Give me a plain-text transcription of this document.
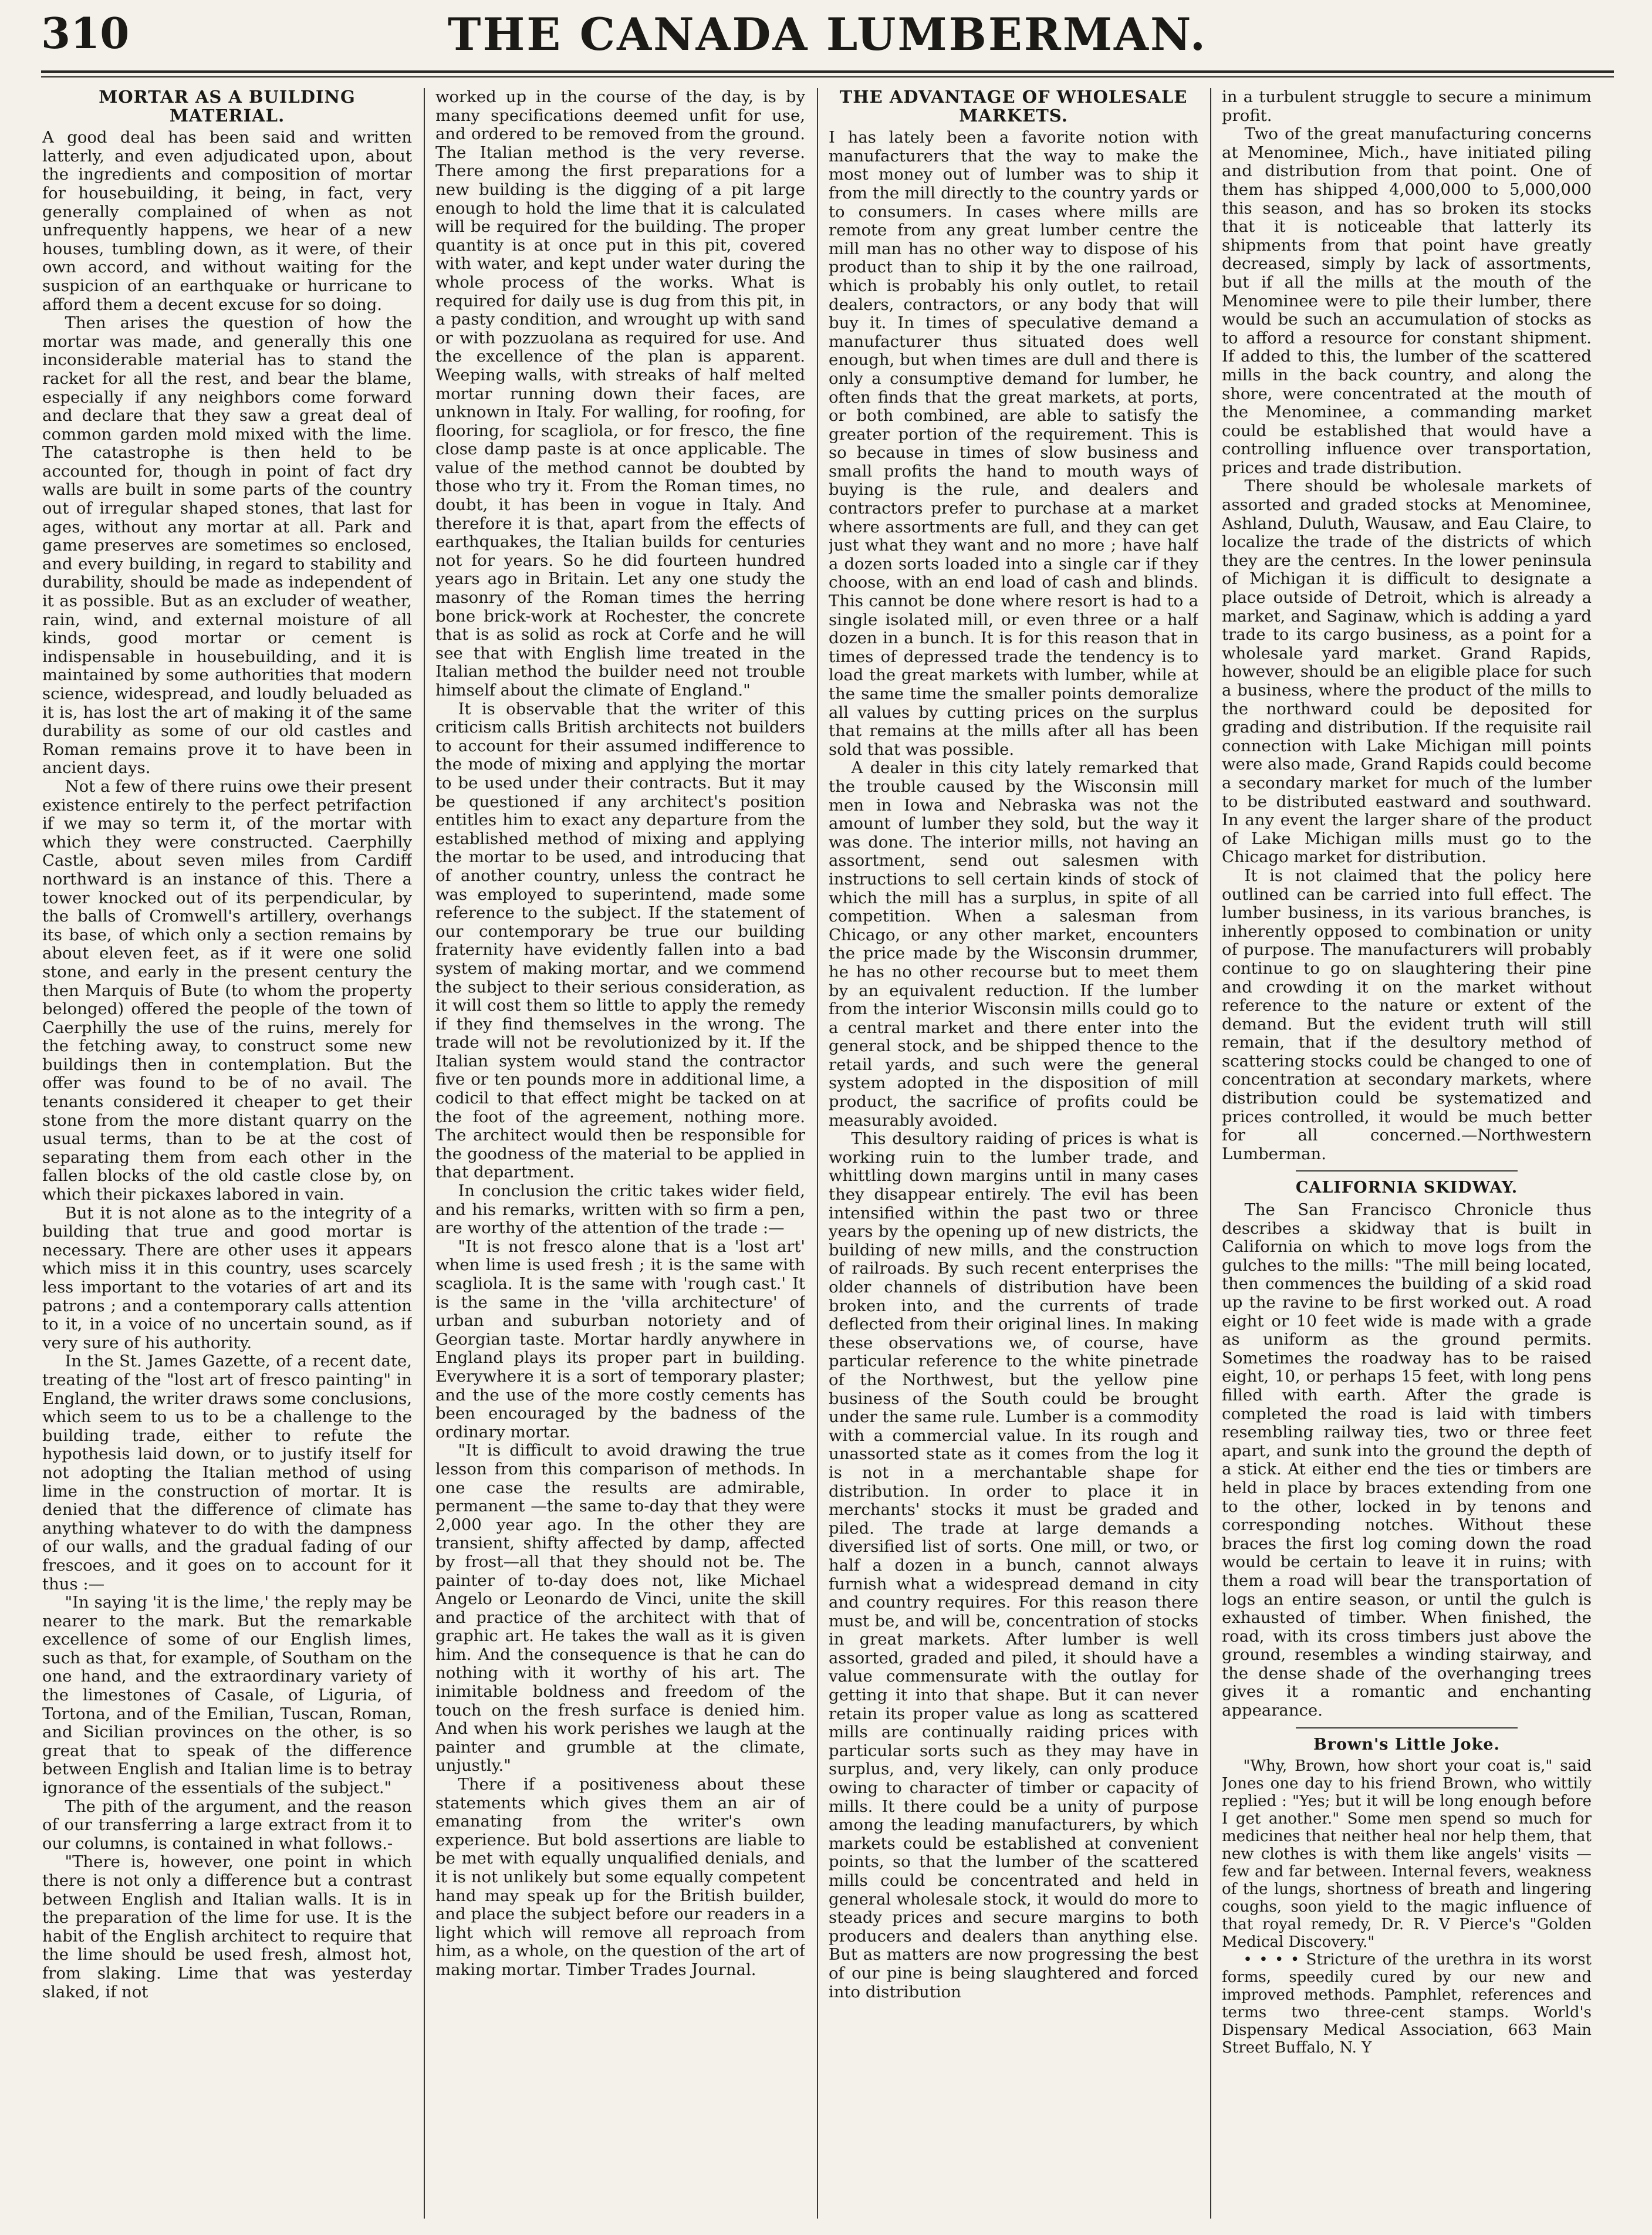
310	THE CANADA LUMBERMAN.
MORTAR AS A BUILDING MATERIAL.

A good deal has been said and written latterly, and even adjudicated upon, about the ingredients and composition of mortar for housebuilding, it being, in fact, very generally complained of when as not unfrequently happens, we hear of a new houses, tumbling down, as it were, of their own accord, and without waiting for the suspicion of an earthquake or hurricane to afford them a decent excuse for so doing.

Then arises the question of how the mortar was made, and generally this one inconsiderable material has to stand the racket for all the rest, and bear the blame, especially if any neighbors come forward and declare that they saw a great deal of common garden mold mixed with the lime. The catastrophe is then held to be accounted for, though in point of fact dry walls are built in some parts of the country out of irregular shaped stones, that last for ages, without any mortar at all. Park and game preserves are sometimes so enclosed, and every building, in regard to stability and durability, should be made as independent of it as possible. But as an excluder of weather, rain, wind, and external moisture of all kinds, good mortar or cement is indispensable in housebuilding, and it is maintained by some authorities that modern science, widespread, and loudly beluaded as it is, has lost the art of making it of the same durability as some of our old castles and Roman remains prove it to have been in ancient days.

Not a few of there ruins owe their present existence entirely to the perfect petrifaction if we may so term it, of the mortar with which they were constructed. Caerphilly Castle, about seven miles from Cardiff northward is an instance of this. There a tower knocked out of its perpendicular, by the balls of Cromwell's artillery, overhangs its base, of which only a section remains by about eleven feet, as if it were one solid stone, and early in the present century the then Marquis of Bute (to whom the property belonged) offered the people of the town of Caerphilly the use of the ruins, merely for the fetching away, to construct some new buildings then in contemplation. But the offer was found to be of no avail. The tenants considered it cheaper to get their stone from the more distant quarry on the usual terms, than to be at the cost of separating them from each other in the fallen blocks of the old castle close by, on which their pickaxes labored in vain.

But it is not alone as to the integrity of a building that true and good mortar is necessary. There are other uses it appears which miss it in this country, uses scarcely less important to the votaries of art and its patrons ; and a contemporary calls attention to it, in a voice of no uncertain sound, as if very sure of his authority.

In the St. James Gazette, of a recent date, treating of the "lost art of fresco painting" in England, the writer draws some conclusions, which seem to us to be a challenge to the building trade, either to refute the hypothesis laid down, or to justify itself for not adopting the Italian method of using lime in the construction of mortar. It is denied that the difference of climate has anything whatever to do with the dampness of our walls, and the gradual fading of our frescoes, and it goes on to account for it thus :—

"In saying 'it is the lime,' the reply may be nearer to the mark. But the remarkable excellence of some of our English limes, such as that, for example, of Southam on the one hand, and the extraordinary variety of the limestones of Casale, of Liguria, of Tortona, and of the Emilian, Tuscan, Roman, and Sicilian provinces on the other, is so great that to speak of the difference between English and Italian lime is to betray ignorance of the essentials of the subject."

The pith of the argument, and the reason of our transferring a large extract from it to our columns, is contained in what follows.-

"There is, however, one point in which there is not only a difference but a contrast between English and Italian walls. It is in the preparation of the lime for use. It is the habit of the English architect to require that the lime should be used fresh, almost hot, from slaking. Lime that was yesterday slaked, if not

worked up in the course of the day, is by many specifications deemed unfit for use, and ordered to be removed from the ground. The Italian method is the very reverse. There among the first preparations for a new building is the digging of a pit large enough to hold the lime that it is calculated will be required for the building. The proper quantity is at once put in this pit, covered with water, and kept under water during the whole process of the works. What is required for daily use is dug from this pit, in a pasty condition, and wrought up with sand or with pozzuolana as required for use. And the excellence of the plan is apparent. Weeping walls, with streaks of half melted mortar running down their faces, are unknown in Italy. For walling, for roofing, for flooring, for scagliola, or for fresco, the fine close damp paste is at once applicable. The value of the method cannot be doubted by those who try it. From the Roman times, no doubt, it has been in vogue in Italy. And therefore it is that, apart from the effects of earthquakes, the Italian builds for centuries not for years. So he did fourteen hundred years ago in Britain. Let any one study the masonry of the Roman times the herring bone brick-work at Rochester, the concrete that is as solid as rock at Corfe and he will see that with English lime treated in the Italian method the builder need not trouble himself about the climate of England."

It is observable that the writer of this criticism calls British architects not builders to account for their assumed indifference to the mode of mixing and applying the mortar to be used under their contracts. But it may be questioned if any architect's position entitles him to exact any departure from the established method of mixing and applying the mortar to be used, and introducing that of another country, unless the contract he was employed to superintend, made some reference to the subject. If the statement of our contemporary be true our building fraternity have evidently fallen into a bad system of making mortar, and we commend the subject to their serious consideration, as it will cost them so little to apply the remedy if they find themselves in the wrong. The trade will not be revolutionized by it. If the Italian system would stand the contractor five or ten pounds more in additional lime, a codicil to that effect might be tacked on at the foot of the agreement, nothing more. The architect would then be responsible for the goodness of the material to be applied in that department.

In conclusion the critic takes wider field, and his remarks, written with so firm a pen, are worthy of the attention of the trade :—

"It is not fresco alone that is a 'lost art' when lime is used fresh ; it is the same with scagliola. It is the same with 'rough cast.' It is the same in the 'villa architecture' of urban and suburban notoriety and of Georgian taste. Mortar hardly anywhere in England plays its proper part in building. Everywhere it is a sort of temporary plaster; and the use of the more costly cements has been encouraged by the badness of the ordinary mortar.

"It is difficult to avoid drawing the true lesson from this comparison of methods. In one case the results are admirable, permanent —the same to-day that they were 2,000 year ago. In the other they are transient, shifty affected by damp, affected by frost—all that they should not be. The painter of to-day does not, like Michael Angelo or Leonardo de Vinci, unite the skill and practice of the architect with that of graphic art. He takes the wall as it is given him. And the consequence is that he can do nothing with it worthy of his art. The inimitable boldness and freedom of the touch on the fresh surface is denied him. And when his work perishes we laugh at the painter and grumble at the climate, unjustly."

There if a positiveness about these statements which gives them an air of emanating from the writer's own experience. But bold assertions are liable to be met with equally unqualified denials, and it is not unlikely but some equally competent hand may speak up for the British builder, and place the subject before our readers in a light which will remove all reproach from him, as a whole, on the question of the art of making mortar. Timber Trades Journal.

THE ADVANTAGE OF WHOLESALE MARKETS.

I has lately been a favorite notion with manufacturers that the way to make the most money out of lumber was to ship it from the mill directly to the country yards or to consumers. In cases where mills are remote from any great lumber centre the mill man has no other way to dispose of his product than to ship it by the one railroad, which is probably his only outlet, to retail dealers, contractors, or any body that will buy it. In times of speculative demand a manufacturer thus situated does well enough, but when times are dull and there is only a consumptive demand for lumber, he often finds that the great markets, at ports, or both combined, are able to satisfy the greater portion of the requirement. This is so because in times of slow business and small profits the hand to mouth ways of buying is the rule, and dealers and contractors prefer to purchase at a market where assortments are full, and they can get just what they want and no more ; have half a dozen sorts loaded into a single car if they choose, with an end load of cash and blinds. This cannot be done where resort is had to a single isolated mill, or even three or a half dozen in a bunch. It is for this reason that in times of depressed trade the tendency is to load the great markets with lumber, while at the same time the smaller points demoralize all values by cutting prices on the surplus that remains at the mills after all has been sold that was possible.

A dealer in this city lately remarked that the trouble caused by the Wisconsin mill men in Iowa and Nebraska was not the amount of lumber they sold, but the way it was done. The interior mills, not having an assortment, send out salesmen with instructions to sell certain kinds of stock of which the mill has a surplus, in spite of all competition. When a salesman from Chicago, or any other market, encounters the price made by the Wisconsin drummer, he has no other recourse but to meet them by an equivalent reduction. If the lumber from the interior Wisconsin mills could go to a central market and there enter into the general stock, and be shipped thence to the retail yards, and such were the general system adopted in the disposition of mill product, the sacrifice of profits could be measurably avoided.

This desultory raiding of prices is what is working ruin to the lumber trade, and whittling down margins until in many cases they disappear entirely. The evil has been intensified within the past two or three years by the opening up of new districts, the building of new mills, and the construction of railroads. By such recent enterprises the older channels of distribution have been broken into, and the currents of trade deflected from their original lines. In making these observations we, of course, have particular reference to the white pinetrade of the Northwest, but the yellow pine business of the South could be brought under the same rule. Lumber is a commodity with a commercial value. In its rough and unassorted state as it comes from the log it is not in a merchantable shape for distribution. In order to place it in merchants' stocks it must be graded and piled. The trade at large demands a diversified list of sorts. One mill, or two, or half a dozen in a bunch, cannot always furnish what a widespread demand in city and country requires. For this reason there must be, and will be, concentration of stocks in great markets. After lumber is well assorted, graded and piled, it should have a value commensurate with the outlay for getting it into that shape. But it can never retain its proper value as long as scattered mills are continually raiding prices with particular sorts such as they may have in surplus, and, very likely, can only produce owing to character of timber or capacity of mills. It there could be a unity of purpose among the leading manufacturers, by which markets could be established at convenient points, so that the lumber of the scattered mills could be concentrated and held in general wholesale stock, it would do more to steady prices and secure margins to both producers and dealers than anything else. But as matters are now progressing the best of our pine is being slaughtered and forced into distribution

in a turbulent struggle to secure a minimum profit.

Two of the great manufacturing concerns at Menominee, Mich., have initiated piling and distribution from that point. One of them has shipped 4,000,000 to 5,000,000 this season, and has so broken its stocks that it is noticeable that latterly its shipments from that point have greatly decreased, simply by lack of assortments, but if all the mills at the mouth of the Menominee were to pile their lumber, there would be such an accumulation of stocks as to afford a resource for constant shipment. If added to this, the lumber of the scattered mills in the back country, and along the shore, were concentrated at the mouth of the Menominee, a commanding market could be established that would have a controlling influence over transportation, prices and trade distribution.

There should be wholesale markets of assorted and graded stocks at Menominee, Ashland, Duluth, Wausaw, and Eau Claire, to localize the trade of the districts of which they are the centres. In the lower peninsula of Michigan it is difficult to designate a place outside of Detroit, which is already a market, and Saginaw, which is adding a yard trade to its cargo business, as a point for a wholesale yard market. Grand Rapids, however, should be an eligible place for such a business, where the product of the mills to the northward could be deposited for grading and distribution. If the requisite rail connection with Lake Michigan mill points were also made, Grand Rapids could become a secondary market for much of the lumber to be distributed eastward and southward. In any event the larger share of the product of Lake Michigan mills must go to the Chicago market for distribution.

It is not claimed that the policy here outlined can be carried into full effect. The lumber business, in its various branches, is inherently opposed to combination or unity of purpose. The manufacturers will probably continue to go on slaughtering their pine and crowding it on the market without reference to the nature or extent of the demand. But the evident truth will still remain, that if the desultory method of scattering stocks could be changed to one of concentration at secondary markets, where distribution could be systematized and prices controlled, it would be much better for all concerned.—Northwestern Lumberman.

CALIFORNIA SKIDWAY.

The San Francisco Chronicle thus describes a skidway that is built in California on which to move logs from the gulches to the mills: "The mill being located, then commences the building of a skid road up the ravine to be first worked out. A road eight or 10 feet wide is made with a grade as uniform as the ground permits. Sometimes the roadway has to be raised eight, 10, or perhaps 15 feet, with long pens filled with earth. After the grade is completed the road is laid with timbers resembling railway ties, two or three feet apart, and sunk into the ground the depth of a stick. At either end the ties or timbers are held in place by braces extending from one to the other, locked in by tenons and corresponding notches. Without these braces the first log coming down the road would be certain to leave it in ruins; with them a road will bear the transportation of logs an entire season, or until the gulch is exhausted of timber. When finished, the road, with its cross timbers just above the ground, resembles a winding stairway, and the dense shade of the overhanging trees gives it a romantic and enchanting appearance.

Brown's Little Joke.

"Why, Brown, how short your coat is," said Jones one day to his friend Brown, who wittily replied : "Yes; but it will be long enough before I get another." Some men spend so much for medicines that neither heal nor help them, that new clothes is with them like angels' visits —few and far between. Internal fevers, weakness of the lungs, shortness of breath and lingering coughs, soon yield to the magic influence of that royal remedy, Dr. R. V Pierce's "Golden Medical Discovery."

• • • • Stricture of the urethra in its worst forms, speedily cured by our new and improved methods. Pamphlet, references and terms two three-cent stamps. World's Dispensary Medical Association, 663 Main Street Buffalo, N. Y
